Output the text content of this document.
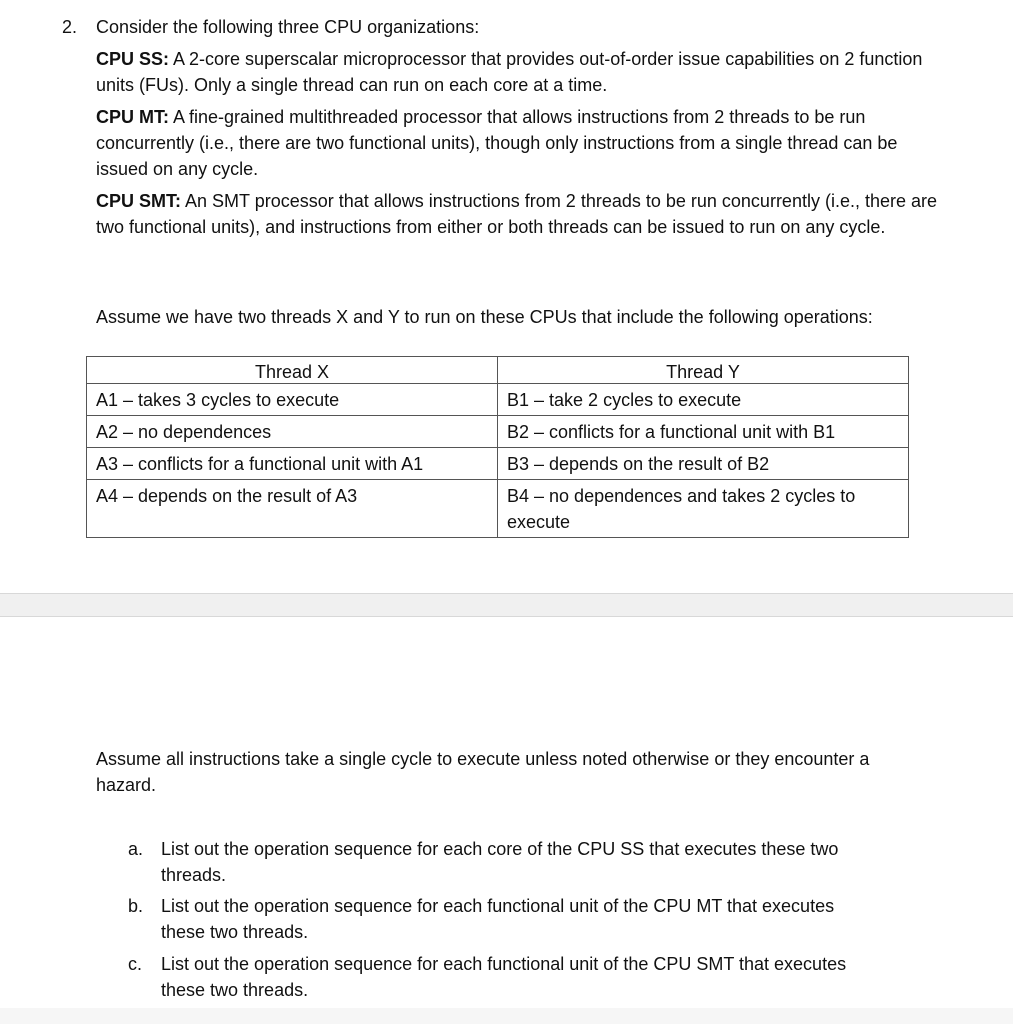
2. Consider the following three CPU organizations:
CPU SS: A 2-core superscalar microprocessor that provides out-of-order issue capabilities on 2 function units (FUs). Only a single thread can run on each core at a time.
CPU MT: A fine-grained multithreaded processor that allows instructions from 2 threads to be run concurrently (i.e., there are two functional units), though only instructions from a single thread can be issued on any cycle.
CPU SMT: An SMT processor that allows instructions from 2 threads to be run concurrently (i.e., there are two functional units), and instructions from either or both threads can be issued to run on any cycle.
Assume we have two threads X and Y to run on these CPUs that include the following operations:
Thread X	Thread Y
A1 – takes 3 cycles to execute	B1 – take 2 cycles to execute
A2 – no dependences	B2 – conflicts for a functional unit with B1
A3 – conflicts for a functional unit with A1	B3 – depends on the result of B2
A4 – depends on the result of A3	B4 – no dependences and takes 2 cycles to execute
Assume all instructions take a single cycle to execute unless noted otherwise or they encounter a hazard.
a. List out the operation sequence for each core of the CPU SS that executes these two threads.
b. List out the operation sequence for each functional unit of the CPU MT that executes these two threads.
c. List out the operation sequence for each functional unit of the CPU SMT that executes these two threads.
